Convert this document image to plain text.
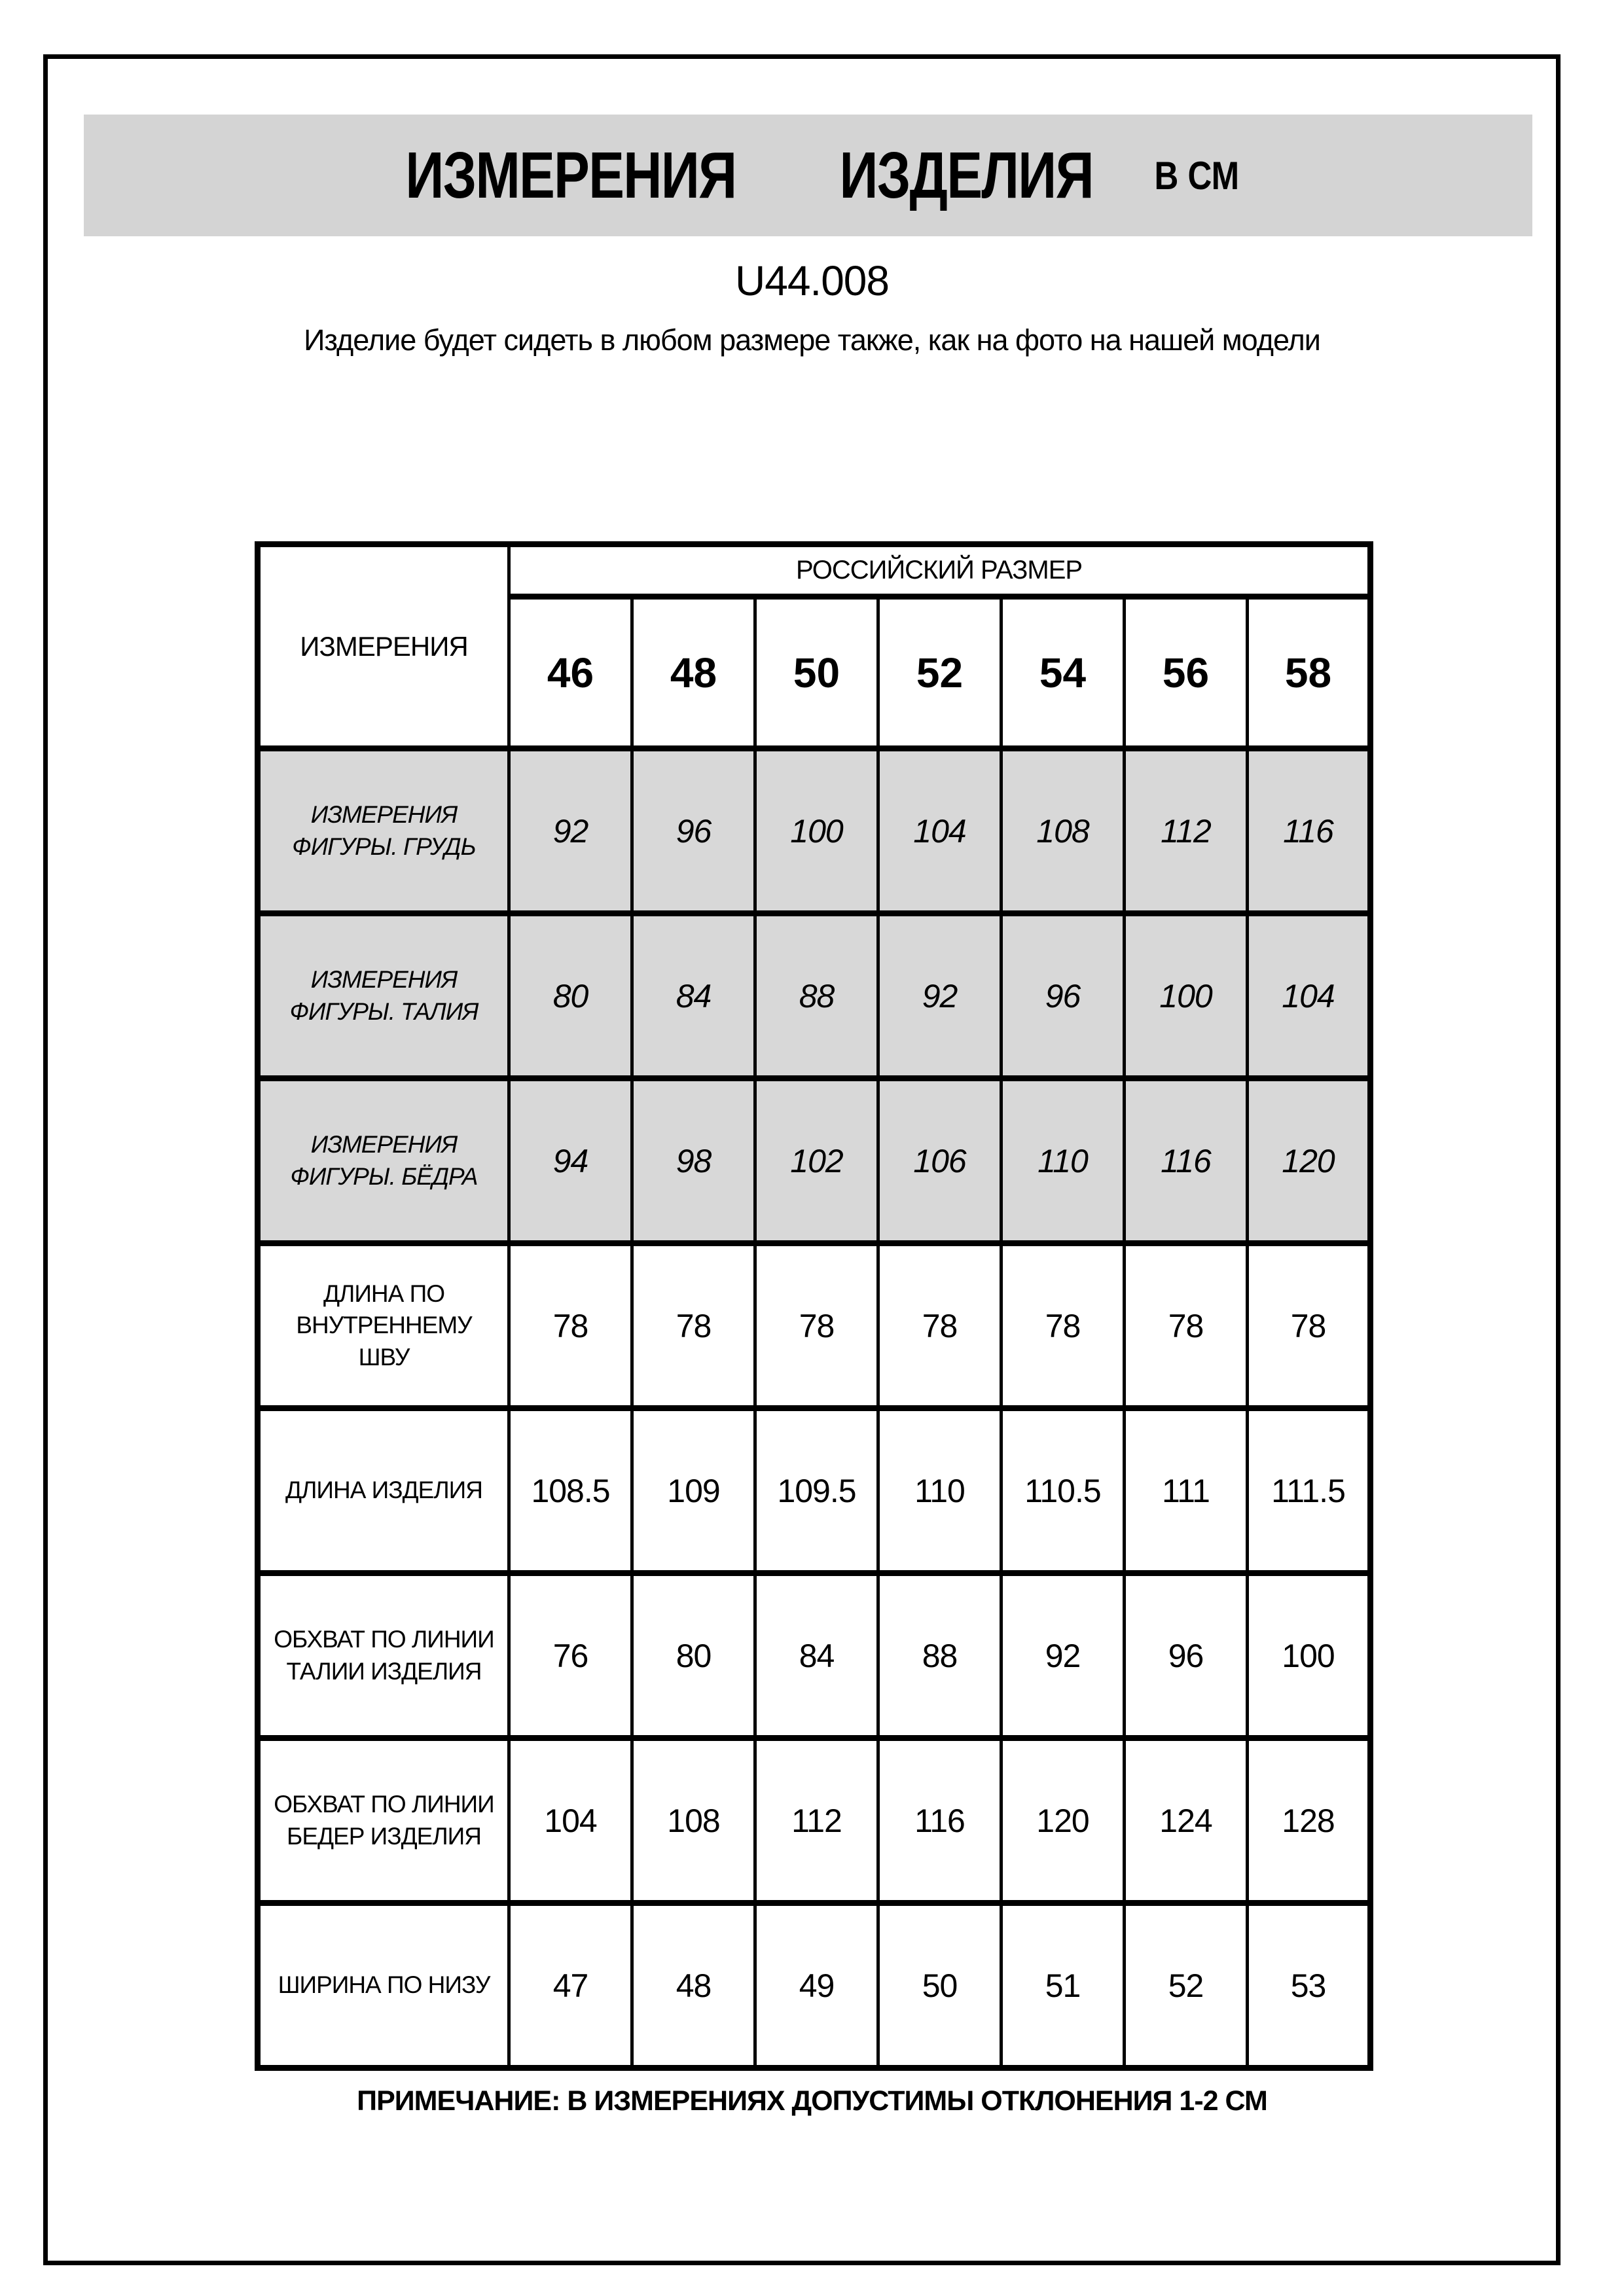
ИЗМЕРЕНИЯ ИЗДЕЛИЯ В СМ
U44.008
Изделие будет сидеть в любом размере также, как на фото на нашей модели
ИЗМЕРЕНИЯ	РОССИЙСКИЙ РАЗМЕР						
	46	48	50	52	54	56	58
ИЗМЕРЕНИЯ ФИГУРЫ. ГРУДЬ	92	96	100	104	108	112	116
ИЗМЕРЕНИЯ ФИГУРЫ. ТАЛИЯ	80	84	88	92	96	100	104
ИЗМЕРЕНИЯ ФИГУРЫ. БЁДРА	94	98	102	106	110	116	120
ДЛИНА ПО ВНУТРЕННЕМУ ШВУ	78	78	78	78	78	78	78
ДЛИНА ИЗДЕЛИЯ	108.5	109	109.5	110	110.5	111	111.5
ОБХВАТ ПО ЛИНИИ ТАЛИИ ИЗДЕЛИЯ	76	80	84	88	92	96	100
ОБХВАТ ПО ЛИНИИ БЕДЕР ИЗДЕЛИЯ	104	108	112	116	120	124	128
ШИРИНА ПО НИЗУ	47	48	49	50	51	52	53
ПРИМЕЧАНИЕ: В ИЗМЕРЕНИЯХ ДОПУСТИМЫ ОТКЛОНЕНИЯ 1-2 СМ
